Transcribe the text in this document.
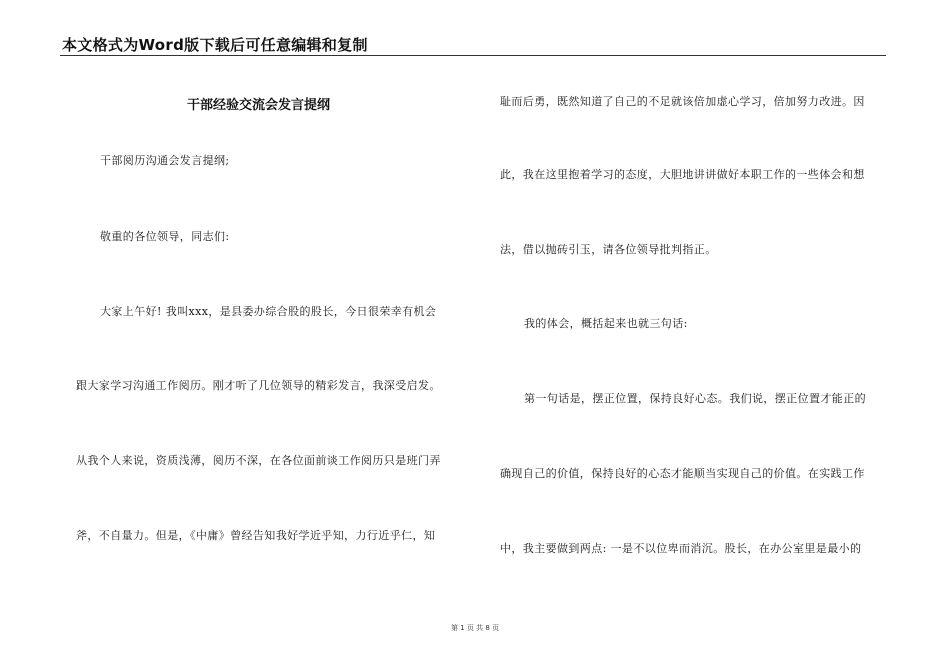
本文格式为Word版下载后可任意编辑和复制
干部经验交流会发言提纲
干部阅历沟通会发言提纲;
敬重的各位领导，同志们:
大家上午好! 我叫xxx，是县委办综合股的股长，今日很荣幸有机会
跟大家学习沟通工作阅历。刚才听了几位领导的精彩发言，我深受启发。
从我个人来说，资质浅薄，阅历不深，在各位面前谈工作阅历只是班门弄
斧，不自量力。但是，《中庸》曾经告知我好学近乎知，力行近乎仁，知
耻而后勇，既然知道了自己的不足就该倍加虚心学习，倍加努力改进。因
此，我在这里抱着学习的态度，大胆地讲讲做好本职工作的一些体会和想
法，借以抛砖引玉，请各位领导批判指正。
我的体会，概括起来也就三句话:
第一句话是，摆正位置，保持良好心态。我们说，摆正位置才能正的
确现自己的价值，保持良好的心态才能顺当实现自己的价值。在实践工作
中，我主要做到两点: 一是不以位卑而消沉。股长，在办公室里是最小的
第 1 页 共 8 页
